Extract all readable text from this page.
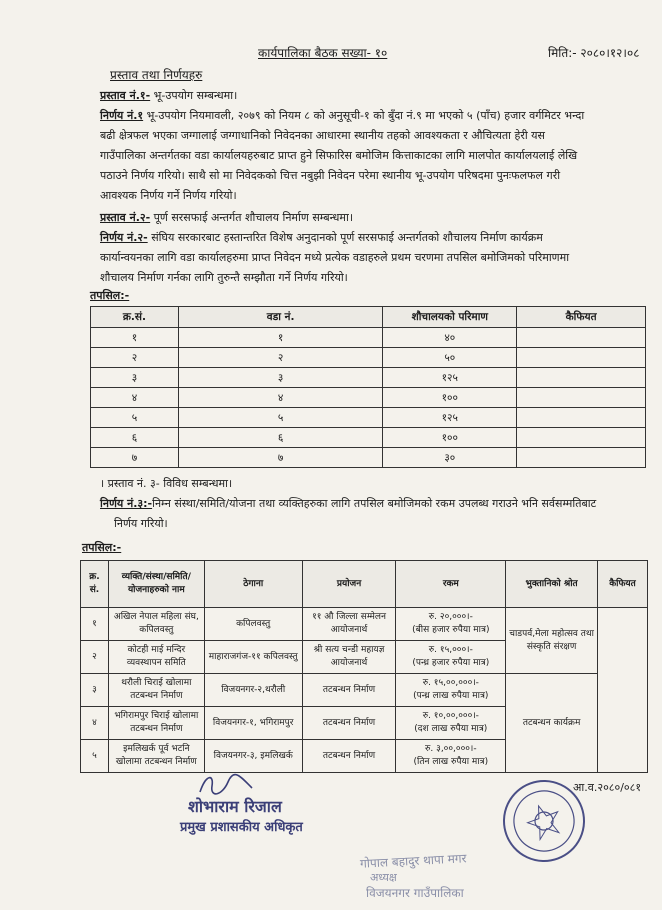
कार्यपालिका बैठक सख्या- १०	मिति:- २०८०।१२।०८
प्रस्ताव तथा निर्णयहरु
प्रस्ताव नं.१- भू-उपयोग सम्बन्धमा।
निर्णय नं.१ भू-उपयोग नियमावली, २०७९ को नियम ८ को अनुसूची-१ को बुँदा नं.९ मा भएको ५ (पाँच) हजार वर्गमिटर भन्दा
बढी क्षेत्रफल भएका जग्गालाई जग्गाधानिको निवेदनका आधारमा स्थानीय तहको आवश्यकता र औचित्यता हेरी यस
गाउँपालिका अन्तर्गतका वडा कार्यालयहरुबाट प्राप्त हुने सिफारिस बमोजिम कित्ताकाटका लागि मालपोत कार्यालयलाई लेखि
पठाउने निर्णय गरियो। साथै सो मा निवेदकको चित्त नबुझी निवेदन परेमा स्थानीय भू-उपयोग परिषदमा पुनःफलफल गरी
आवश्यक निर्णय गर्ने निर्णय गरियो।
प्रस्ताव नं.२- पूर्ण सरसफाई अन्तर्गत शौचालय निर्माण सम्बन्धमा।
निर्णय नं.२- संघिय सरकारबाट हस्तान्तरित विशेष अनुदानको पूर्ण सरसफाई अन्तर्गतको शौचालय निर्माण कार्यक्रम
कार्यान्वयनका लागि वडा कार्यालहरुमा प्राप्त निवेदन मध्ये प्रत्येक वडाहरुले प्रथम चरणमा तपसिल बमोजिमको परिमाणमा
शौचालय निर्माण गर्नका लागि तुरुन्तै सम्झौता गर्ने निर्णय गरियो।
तपसिल:-
क्र.सं.	वडा नं.	शौचालयको परिमाण	कैफियत
१	१	४०	
२	२	५०	
३	३	१२५	
४	४	१००	
५	५	१२५	
६	६	१००	
७	७	३०	
। प्रस्ताव नं. ३- विविध सम्बन्धमा।
निर्णय नं.३:-निम्न संस्था/समिति/योजना तथा व्यक्तिहरुका लागि तपसिल बमोजिमको रकम उपलब्ध गराउने भनि सर्वसम्मतिबाट
निर्णय गरियो।
तपसिल:-
क्र. सं.	व्यक्ति/संस्था/समिति/ योजनाहरुको नाम	ठेगाना	प्रयोजन	रकम	भुक्तानिको श्रोत	कैफियत
१	अखिल नेपाल महिला संघ, कपिलवस्तु	कपिलवस्तु	११ औ जिल्ला सम्मेलन आयोजनार्थ	रु. २०,०००।-
(बीस हजार रुपैया मात्र)	चाडपर्व,मेला महोत्सव तथा संस्कृति संरक्षण	
२	कोटही माई मन्दिर व्यवस्थापन समिति	माहाराजगंज-११ कपिलवस्तु	श्री सत्य चन्डी महायज्ञ आयोजनार्थ	रु. १५,०००।-
(पन्ध्र हजार रुपैया मात्र)		

३	थरौली चिराई खोलामा तटबन्धन निर्माण	विजयनगर-२,थरौली	तटबन्धन निर्माण	रु. १५,००,०००।-
(पन्ध्र लाख रुपैया मात्र)	तटबन्धन कार्यक्रम	
४	भगिरामपुर चिराई खोलामा तटबन्धन निर्माण	विजयनगर-१, भगिरामपुर	तटबन्धन निर्माण	रु. १०,००,०००।-
(दश लाख रुपैया मात्र)		

५	इमलिखर्क पूर्व भटनि खोलामा तटबन्धन निर्माण	विजयनगर-३, इमलिखर्क	तटबन्धन निर्माण	रु. ३,००,०००।-
(तिन लाख रुपैया मात्र)		
शोभाराम रिजाल
प्रमुख प्रशासकीय अधिकृत
गोपाल बहादुर थापा मगर
अध्यक्ष
विजयनगर गाउँपालिका
आ.व.२०८०/०८१
